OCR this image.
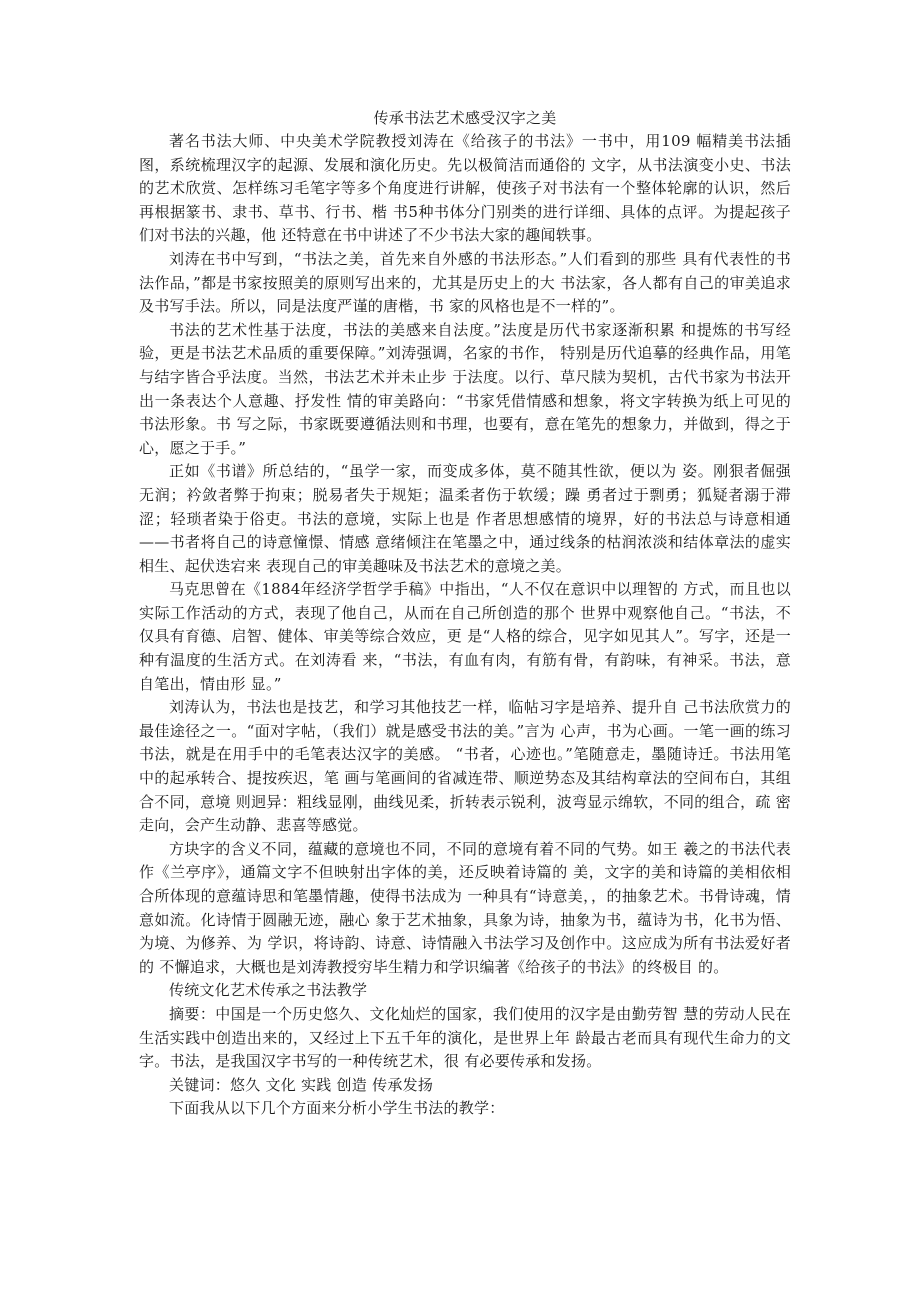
传承书法艺术感受汉字之美

著名书法大师、中央美术学院教授刘涛在《给孩子的书法》一书中，用109 幅精美书法插图，系统梳理汉字的起源、发展和演化历史。先以极简洁而通俗的 文字，从书法演变小史、书法的艺术欣赏、怎样练习毛笔字等多个角度进行讲解，使孩子对书法有一个整体轮廓的认识，然后再根据篆书、隶书、草书、行书、楷 书5种书体分门别类的进行详细、具体的点评。为提起孩子们对书法的兴趣，他 还特意在书中讲述了不少书法大家的趣闻轶事。

刘涛在书中写到，“书法之美，首先来自外感的书法形态。”人们看到的那些 具有代表性的书法作品，”都是书家按照美的原则写出来的，尤其是历史上的大 书法家，各人都有自己的审美追求及书写手法。所以，同是法度严谨的唐楷，书 家的风格也是不一样的”。

书法的艺术性基于法度，书法的美感来自法度。”法度是历代书家逐渐积累 和提炼的书写经验，更是书法艺术品质的重要保障。”刘涛强调，名家的书作， 特别是历代追摹的经典作品，用笔与结字皆合乎法度。当然，书法艺术并未止步 于法度。以行、草尺牍为契机，古代书家为书法开出一条表达个人意趣、抒发性 情的审美路向：“书家凭借情感和想象，将文字转换为纸上可见的书法形象。书 写之际，书家既要遵循法则和书理，也要有，意在笔先的想象力，并做到，得之于 心，愿之于手。”

正如《书谱》所总结的，“虽学一家，而变成多体，莫不随其性欲，便以为 姿。刚狠者倔强无润；衿敛者弊于拘束；脱易者失于规矩；温柔者伤于软缓；躁 勇者过于剽勇；狐疑者溺于滞涩；轻琐者染于俗吏。书法的意境，实际上也是 作者思想感情的境界，好的书法总与诗意相通——书者将自己的诗意憧憬、情感 意绪倾注在笔墨之中，通过线条的枯润浓淡和结体章法的虚实相生、起伏迭宕来 表现自己的审美趣味及书法艺术的意境之美。

马克思曾在《1884年经济学哲学手稿》中指出，“人不仅在意识中以理智的 方式，而且也以实际工作活动的方式，表现了他自己，从而在自己所创造的那个 世界中观察他自己。“书法，不仅具有育德、启智、健体、审美等综合效应，更 是“人格的综合，见字如见其人”。写字，还是一种有温度的生活方式。在刘涛看 来，“书法，有血有肉，有筋有骨，有韵味，有神采。书法，意自笔出，情由形 显。”

刘涛认为，书法也是技艺，和学习其他技艺一样，临帖习字是培养、提升自 己书法欣赏力的最佳途径之一。“面对字帖，（我们）就是感受书法的美。”言为 心声，书为心画。一笔一画的练习书法，就是在用手中的毛笔表达汉字的美感。 “书者，心迹也。”笔随意走，墨随诗迁。书法用笔中的起承转合、提按疾迟，笔 画与笔画间的省减连带、顺逆势态及其结构章法的空间布白，其组合不同，意境 则迥异：粗线显刚，曲线见柔，折转表示锐利，波弯显示绵软，不同的组合，疏 密走向，会产生动静、悲喜等感觉。

方块字的含义不同，蕴藏的意境也不同，不同的意境有着不同的气势。如王 羲之的书法代表作《兰亭序》，通篇文字不但映射出字体的美，还反映着诗篇的 美，文字的美和诗篇的美相依相合所体现的意蕴诗思和笔墨情趣，使得书法成为 一种具有“诗意美，，的抽象艺术。书骨诗魂，情意如流。化诗情于圆融无迹，融心 象于艺术抽象，具象为诗，抽象为书，蕴诗为书，化书为悟、为境、为修养、为 学识，将诗韵、诗意、诗情融入书法学习及创作中。这应成为所有书法爱好者的 不懈追求，大概也是刘涛教授穷毕生精力和学识编著《给孩子的书法》的终极目 的。

传统文化艺术传承之书法教学

摘要：中国是一个历史悠久、文化灿烂的国家，我们使用的汉字是由勤劳智 慧的劳动人民在生活实践中创造出来的，又经过上下五千年的演化，是世界上年 龄最古老而具有现代生命力的文字。书法，是我国汉字书写的一种传统艺术，很 有必要传承和发扬。

关键词：悠久 文化 实践 创造 传承发扬

下面我从以下几个方面来分析小学生书法的教学：
